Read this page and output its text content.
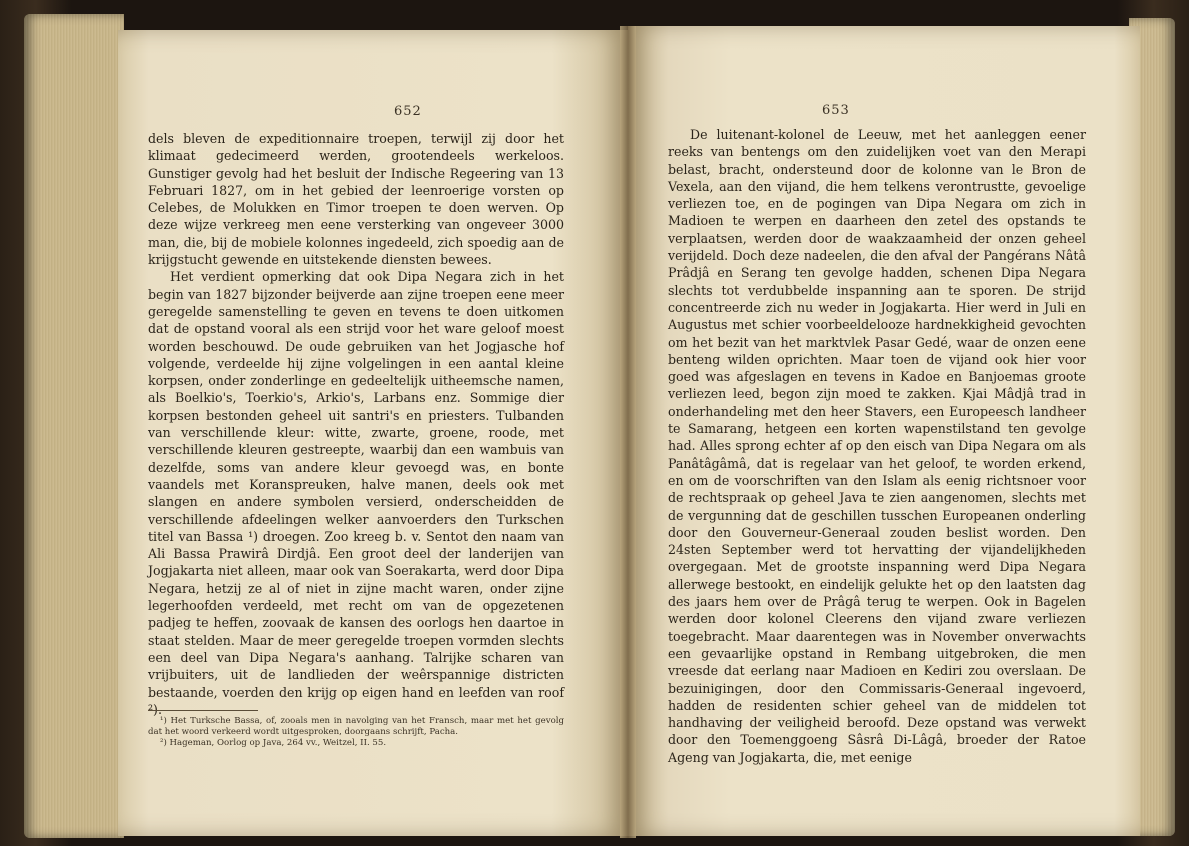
652

dels bleven de expeditionnaire troepen, terwijl zij door het klimaat gedecimeerd werden, grootendeels werkeloos. Gunstiger gevolg had het besluit der Indische Regeering van 13 Februari 1827, om in het gebied der leenroerige vorsten op Celebes, de Molukken en Timor troepen te doen werven. Op deze wijze verkreeg men eene versterking van ongeveer 3000 man, die, bij de mobiele kolonnes ingedeeld, zich spoedig aan de krijgstucht gewende en uitstekende diensten bewees.

Het verdient opmerking dat ook Dipa Negara zich in het begin van 1827 bijzonder beijverde aan zijne troepen eene meer geregelde samenstelling te geven en tevens te doen uitkomen dat de opstand vooral als een strijd voor het ware geloof moest worden beschouwd. De oude gebruiken van het Jogjasche hof volgende, verdeelde hij zijne volgelingen in een aantal kleine korpsen, onder zonderlinge en gedeeltelijk uitheemsche namen, als Boelkio's, Toerkio's, Arkio's, Larbans enz. Sommige dier korpsen bestonden geheel uit santri's en priesters. Tulbanden van verschillende kleur: witte, zwarte, groene, roode, met verschillende kleuren gestreepte, waarbij dan een wambuis van dezelfde, soms van andere kleur gevoegd was, en bonte vaandels met Koranspreuken, halve manen, deels ook met slangen en andere symbolen versierd, onderscheidden de verschillende afdeelingen welker aanvoerders den Turkschen titel van Bassa ¹) droegen. Zoo kreeg b. v. Sentot den naam van Ali Bassa Prawirâ Dirdjâ. Een groot deel der landerijen van Jogjakarta niet alleen, maar ook van Soerakarta, werd door Dipa Negara, hetzij ze al of niet in zijne macht waren, onder zijne legerhoofden verdeeld, met recht om van de opgezetenen padjeg te heffen, zoovaak de kansen des oorlogs hen daartoe in staat stelden. Maar de meer geregelde troepen vormden slechts een deel van Dipa Negara's aanhang. Talrijke scharen van vrijbuiters, uit de landlieden der weêrspannige districten bestaande, voerden den krijg op eigen hand en leefden van roof ²).

¹) Het Turksche Bassa, of, zooals men in navolging van het Fransch, maar met het gevolg dat het woord verkeerd wordt uitgesproken, doorgaans schrijft, Pacha.

²) Hageman, Oorlog op Java, 264 vv., Weitzel, II. 55.

653

De luitenant-kolonel de Leeuw, met het aanleggen eener reeks van bentengs om den zuidelijken voet van den Merapi belast, bracht, ondersteund door de kolonne van le Bron de Vexela, aan den vijand, die hem telkens verontrustte, gevoelige verliezen toe, en de pogingen van Dipa Negara om zich in Madioen te werpen en daarheen den zetel des opstands te verplaatsen, werden door de waakzaamheid der onzen geheel verijdeld. Doch deze nadeelen, die den afval der Pangérans Nâtâ Prâdjâ en Serang ten gevolge hadden, schenen Dipa Negara slechts tot verdubbelde inspanning aan te sporen. De strijd concentreerde zich nu weder in Jogjakarta. Hier werd in Juli en Augustus met schier voorbeeldelooze hardnekkigheid gevochten om het bezit van het marktvlek Pasar Gedé, waar de onzen eene benteng wilden oprichten. Maar toen de vijand ook hier voor goed was afgeslagen en tevens in Kadoe en Banjoemas groote verliezen leed, begon zijn moed te zakken. Kjai Mâdjâ trad in onderhandeling met den heer Stavers, een Europeesch landheer te Samarang, hetgeen een korten wapenstilstand ten gevolge had. Alles sprong echter af op den eisch van Dipa Negara om als Panâtâgâmâ, dat is regelaar van het geloof, te worden erkend, en om de voorschriften van den Islam als eenig richtsnoer voor de rechtspraak op geheel Java te zien aangenomen, slechts met de vergunning dat de geschillen tusschen Europeanen onderling door den Gouverneur-Generaal zouden beslist worden. Den 24sten September werd tot hervatting der vijandelijkheden overgegaan. Met de grootste inspanning werd Dipa Negara allerwege bestookt, en eindelijk gelukte het op den laatsten dag des jaars hem over de Prâgâ terug te werpen. Ook in Bagelen werden door kolonel Cleerens den vijand zware verliezen toegebracht. Maar daarentegen was in November onverwachts een gevaarlijke opstand in Rembang uitgebroken, die men vreesde dat eerlang naar Madioen en Kediri zou overslaan. De bezuinigingen, door den Commissaris-Generaal ingevoerd, hadden de residenten schier geheel van de middelen tot handhaving der veiligheid beroofd. Deze opstand was verwekt door den Toemenggoeng Sâsrâ Di-Lâgâ, broeder der Ratoe Ageng van Jogjakarta, die, met eenige
